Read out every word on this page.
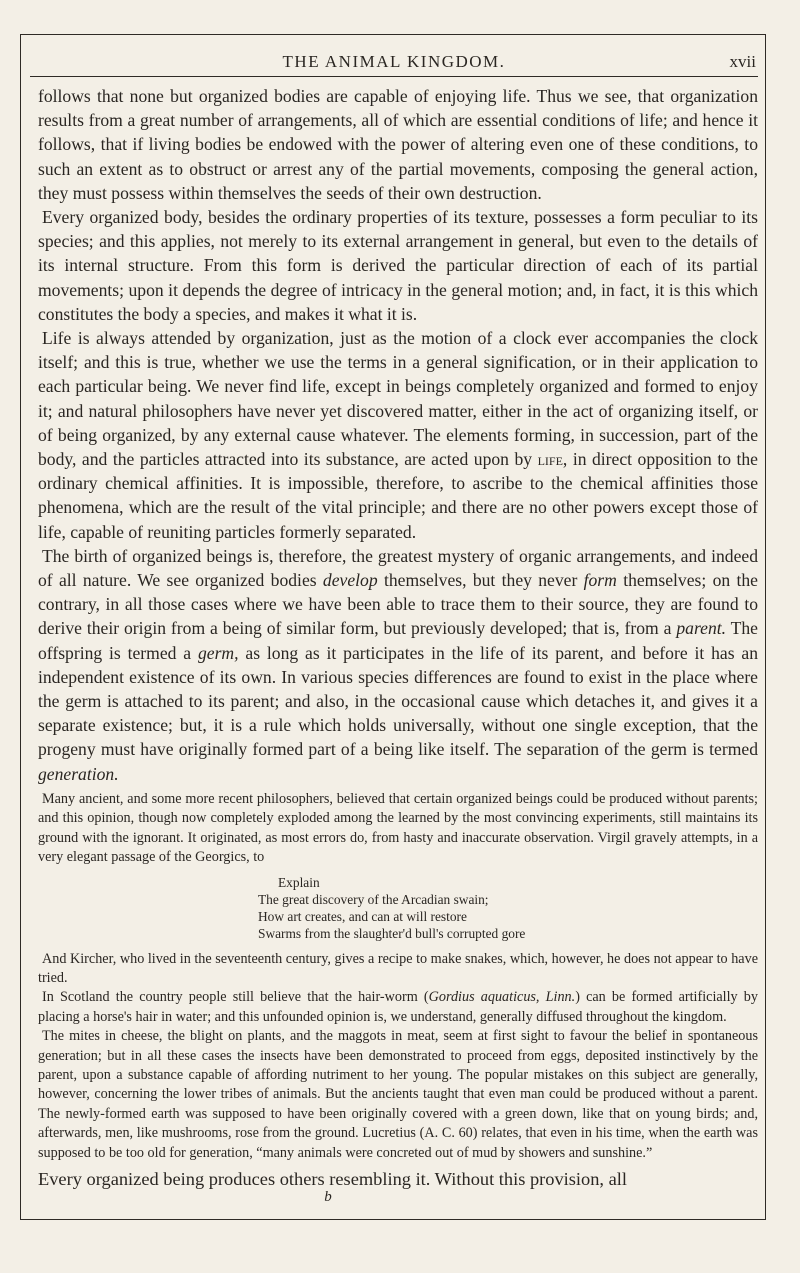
THE ANIMAL KINGDOM.	xvii

follows that none but organized bodies are capable of enjoying life. Thus we see, that organization results from a great number of arrangements, all of which are essential conditions of life; and hence it follows, that if living bodies be endowed with the power of altering even one of these conditions, to such an extent as to obstruct or arrest any of the partial movements, composing the general action, they must possess within themselves the seeds of their own destruction.

Every organized body, besides the ordinary properties of its texture, possesses a form peculiar to its species; and this applies, not merely to its external arrangement in general, but even to the details of its internal structure. From this form is derived the particular direction of each of its partial movements; upon it depends the degree of intricacy in the general motion; and, in fact, it is this which constitutes the body a species, and makes it what it is.

Life is always attended by organization, just as the motion of a clock ever accompanies the clock itself; and this is true, whether we use the terms in a general signification, or in their application to each particular being. We never find life, except in beings completely organized and formed to enjoy it; and natural philosophers have never yet discovered matter, either in the act of organizing itself, or of being organized, by any external cause whatever. The elements forming, in succession, part of the body, and the particles attracted into its substance, are acted upon by life, in direct opposition to the ordinary chemical affinities. It is impossible, therefore, to ascribe to the chemical affinities those phenomena, which are the result of the vital principle; and there are no other powers except those of life, capable of reuniting particles formerly separated.

The birth of organized beings is, therefore, the greatest mystery of organic arrangements, and indeed of all nature. We see organized bodies develop themselves, but they never form themselves; on the contrary, in all those cases where we have been able to trace them to their source, they are found to derive their origin from a being of similar form, but previously developed; that is, from a parent. The offspring is termed a germ, as long as it participates in the life of its parent, and before it has an independent existence of its own. In various species differences are found to exist in the place where the germ is attached to its parent; and also, in the occasional cause which detaches it, and gives it a separate existence; but, it is a rule which holds universally, without one single exception, that the progeny must have originally formed part of a being like itself. The separation of the germ is termed generation.

Many ancient, and some more recent philosophers, believed that certain organized beings could be produced without parents; and this opinion, though now completely exploded among the learned by the most convincing experiments, still maintains its ground with the ignorant. It originated, as most errors do, from hasty and inaccurate observation. Virgil gravely attempts, in a very elegant passage of the Georgics, to

Explain
The great discovery of the Arcadian swain;
How art creates, and can at will restore
Swarms from the slaughter'd bull's corrupted gore

And Kircher, who lived in the seventeenth century, gives a recipe to make snakes, which, however, he does not appear to have tried.

In Scotland the country people still believe that the hair-worm (Gordius aquaticus, Linn.) can be formed artificially by placing a horse's hair in water; and this unfounded opinion is, we understand, generally diffused throughout the kingdom.

The mites in cheese, the blight on plants, and the maggots in meat, seem at first sight to favour the belief in spontaneous generation; but in all these cases the insects have been demonstrated to proceed from eggs, deposited instinctively by the parent, upon a substance capable of affording nutriment to her young. The popular mistakes on this subject are generally, however, concerning the lower tribes of animals. But the ancients taught that even man could be produced without a parent. The newly-formed earth was supposed to have been originally covered with a green down, like that on young birds; and, afterwards, men, like mushrooms, rose from the ground. Lucretius (A. C. 60) relates, that even in his time, when the earth was supposed to be too old for generation, “many animals were concreted out of mud by showers and sunshine.”

Every organized being produces others resembling it. Without this provision, all

b
